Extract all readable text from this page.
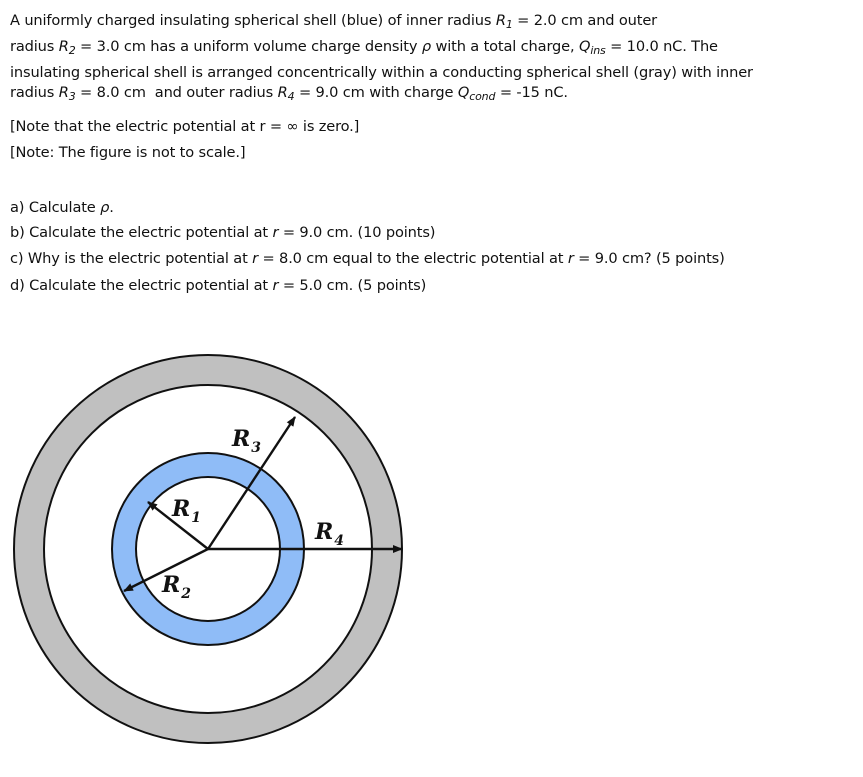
A uniformly charged insulating spherical shell (blue) of inner radius $R_1 = 2.0$ cm and outer
radius $R_2 = 3.0$ cm has a uniform volume charge density ρ with a total charge, $Q_{ins} = 10.0$ nC. The
insulating spherical shell is arranged concentrically within a conducting spherical shell (gray) with inner
radius $R_3 = 8.0$ cm  and outer radius $R_4 = 9.0$ cm with charge $Q_{cond} = -15$ nC.
[Note that the electric potential at r = ∞ is zero.]
[Note: The figure is not to scale.]
a) Calculate ρ.
b) Calculate the electric potential at r = 9.0 cm. (10 points)
c) Why is the electric potential at r = 8.0 cm equal to the electric potential at r = 9.0 cm? (5 points)
d) Calculate the electric potential at r = 5.0 cm. (5 points)
$R_1$
$R_2$
$R_3$
$R_4$
